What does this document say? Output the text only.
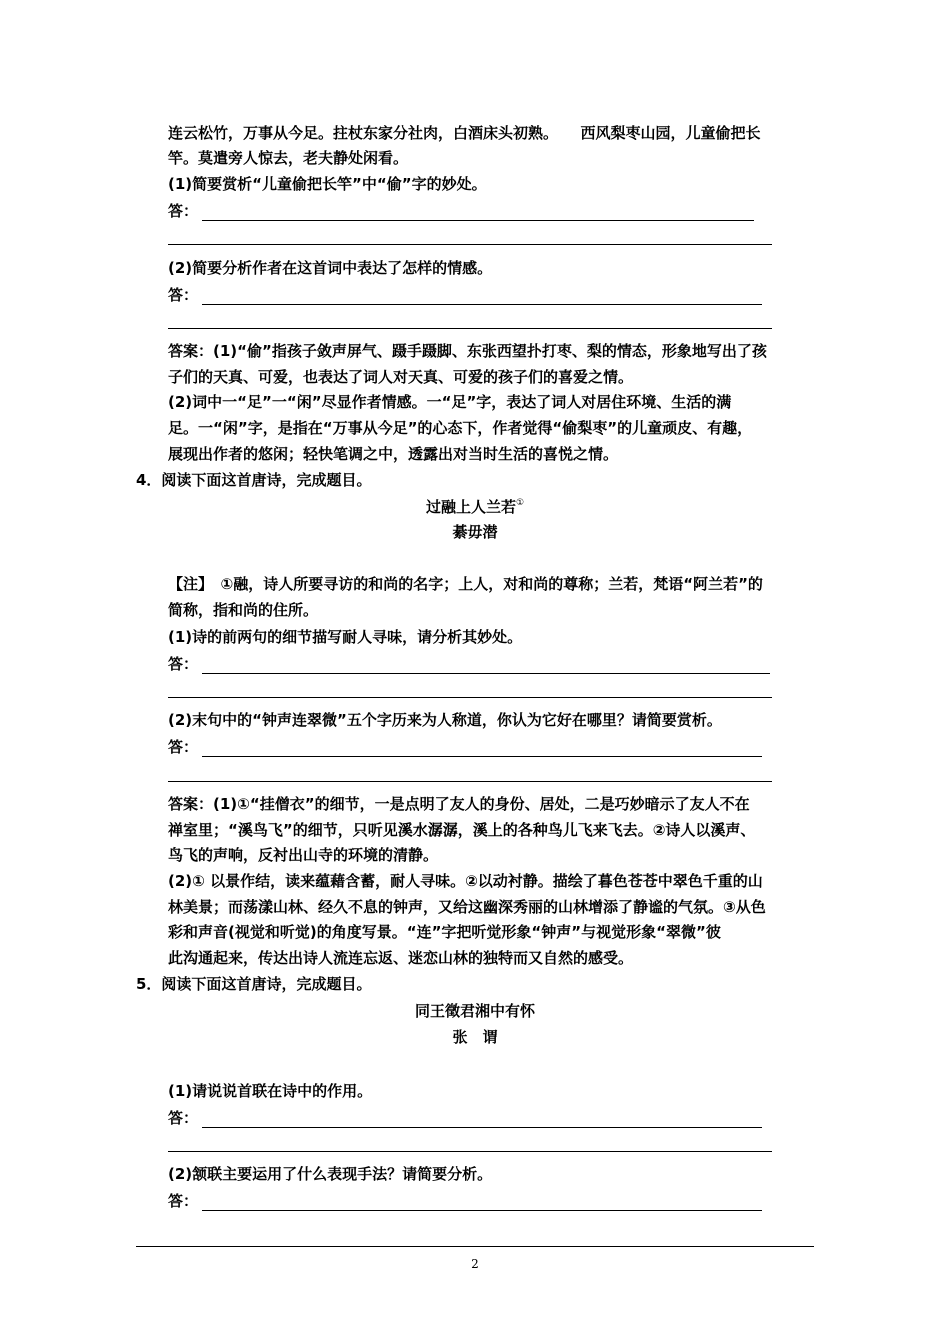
连云松竹，万事从今足。拄杖东家分社肉，白酒床头初熟。　　西风梨枣山园，儿童偷把长
竿。莫遣旁人惊去，老夫静处闲看。
(1)简要赏析“儿童偷把长竿”中“偷”字的妙处。
答：
(2)简要分析作者在这首词中表达了怎样的情感。
答：
答案：(1)“偷”指孩子敛声屏气、蹑手蹑脚、东张西望扑打枣、梨的情态，形象地写出了孩
子们的天真、可爱，也表达了词人对天真、可爱的孩子们的喜爱之情。
(2)词中一“足”一“闲”尽显作者情感。一“足”字，表达了词人对居住环境、生活的满
足。一“闲”字，是指在“万事从今足”的心态下，作者觉得“偷梨枣”的儿童顽皮、有趣，
展现出作者的悠闲；轻快笔调之中，透露出对当时生活的喜悦之情。
4．阅读下面这首唐诗，完成题目。
过融上人兰若①
綦毋潜
【注】　①融，诗人所要寻访的和尚的名字；上人，对和尚的尊称；兰若，梵语“阿兰若”的
简称，指和尚的住所。
(1)诗的前两句的细节描写耐人寻味，请分析其妙处。
答：
(2)末句中的“钟声连翠微”五个字历来为人称道，你认为它好在哪里？请简要赏析。
答：
答案：(1)①“挂僧衣”的细节，一是点明了友人的身份、居处，二是巧妙暗示了友人不在
禅室里；“溪鸟飞”的细节，只听见溪水潺潺，溪上的各种鸟儿飞来飞去。②诗人以溪声、
鸟飞的声响，反衬出山寺的环境的清静。
(2)① 以景作结，读来蕴藉含蓄，耐人寻味。②以动衬静。描绘了暮色苍苍中翠色千重的山
林美景；而荡漾山林、经久不息的钟声，又给这幽深秀丽的山林增添了静谧的气氛。③从色
彩和声音(视觉和听觉)的角度写景。“连”字把听觉形象“钟声”与视觉形象“翠微”彼
此沟通起来，传达出诗人流连忘返、迷恋山林的独特而又自然的感受。
5．阅读下面这首唐诗，完成题目。
同王徵君湘中有怀
张　谓
(1)请说说首联在诗中的作用。
答：
(2)颔联主要运用了什么表现手法？请简要分析。
答：
2
